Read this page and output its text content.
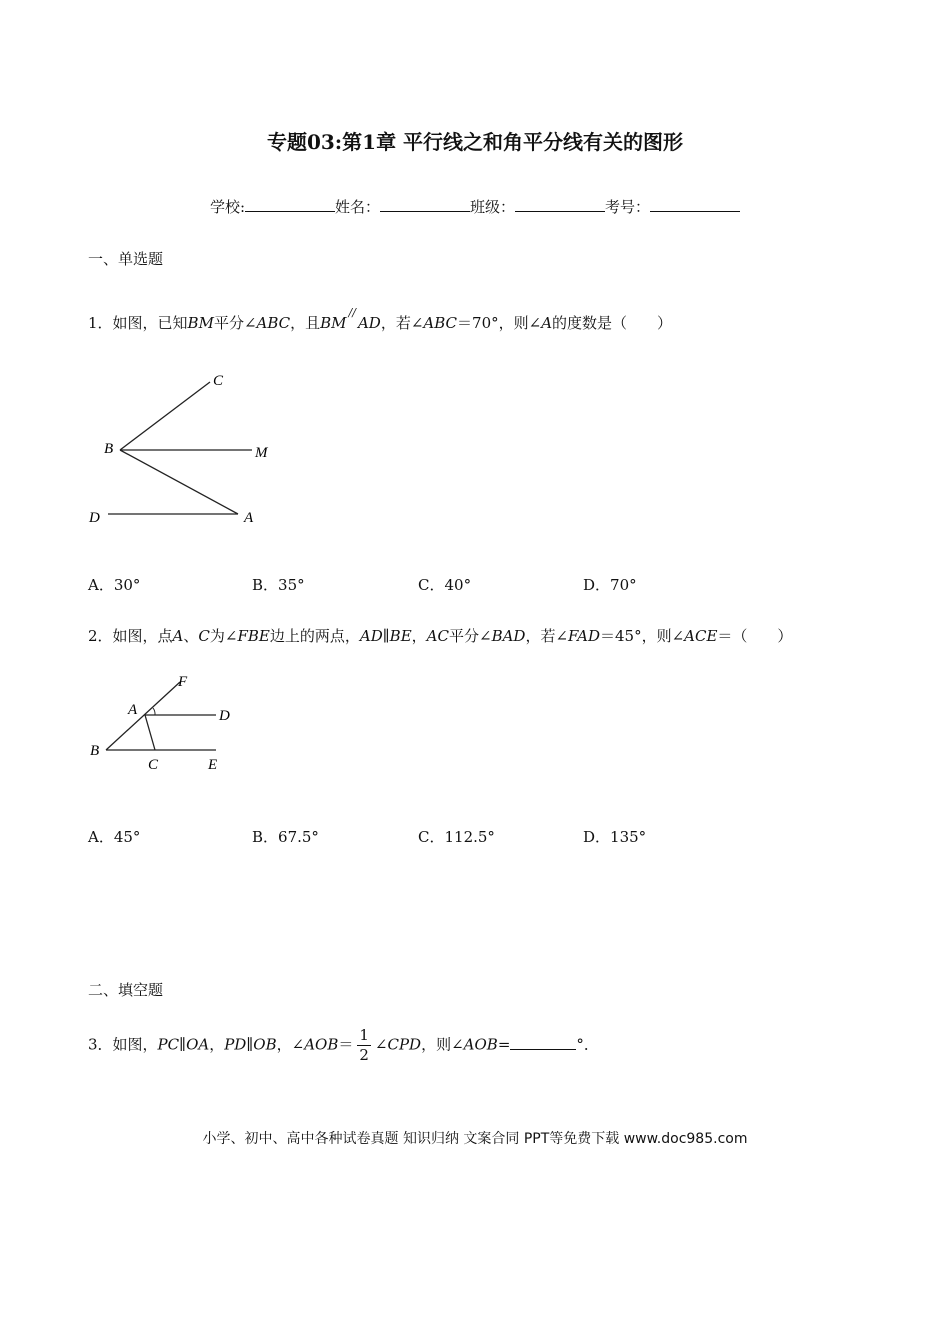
专题03:第1章 平行线之和角平分线有关的图形
学校:	姓名：	班级：	考号：
一、单选题
1．如图，已知BM平分∠ABC，且BM//AD，若∠ABC＝70°，则∠A的度数是（　　）
C
B	M
D	A
A．30°	B．35°	C．40°	D．70°
2．如图，点A、C为∠FBE边上的两点，AD∥BE，AC平分∠BAD，若∠FAD＝45°，则∠ACE＝（　　）
F
A	D
B
C	E
A．45°	B．67.5°	C．112.5°	D．135°
二、填空题
3．如图，PC∥OA，PD∥OB，∠AOB＝ $\frac{1}{2}$ ∠CPD，则∠AOB=	°．
小学、初中、高中各种试卷真题 知识归纳 文案合同 PPT等免费下载 www.doc985.com
